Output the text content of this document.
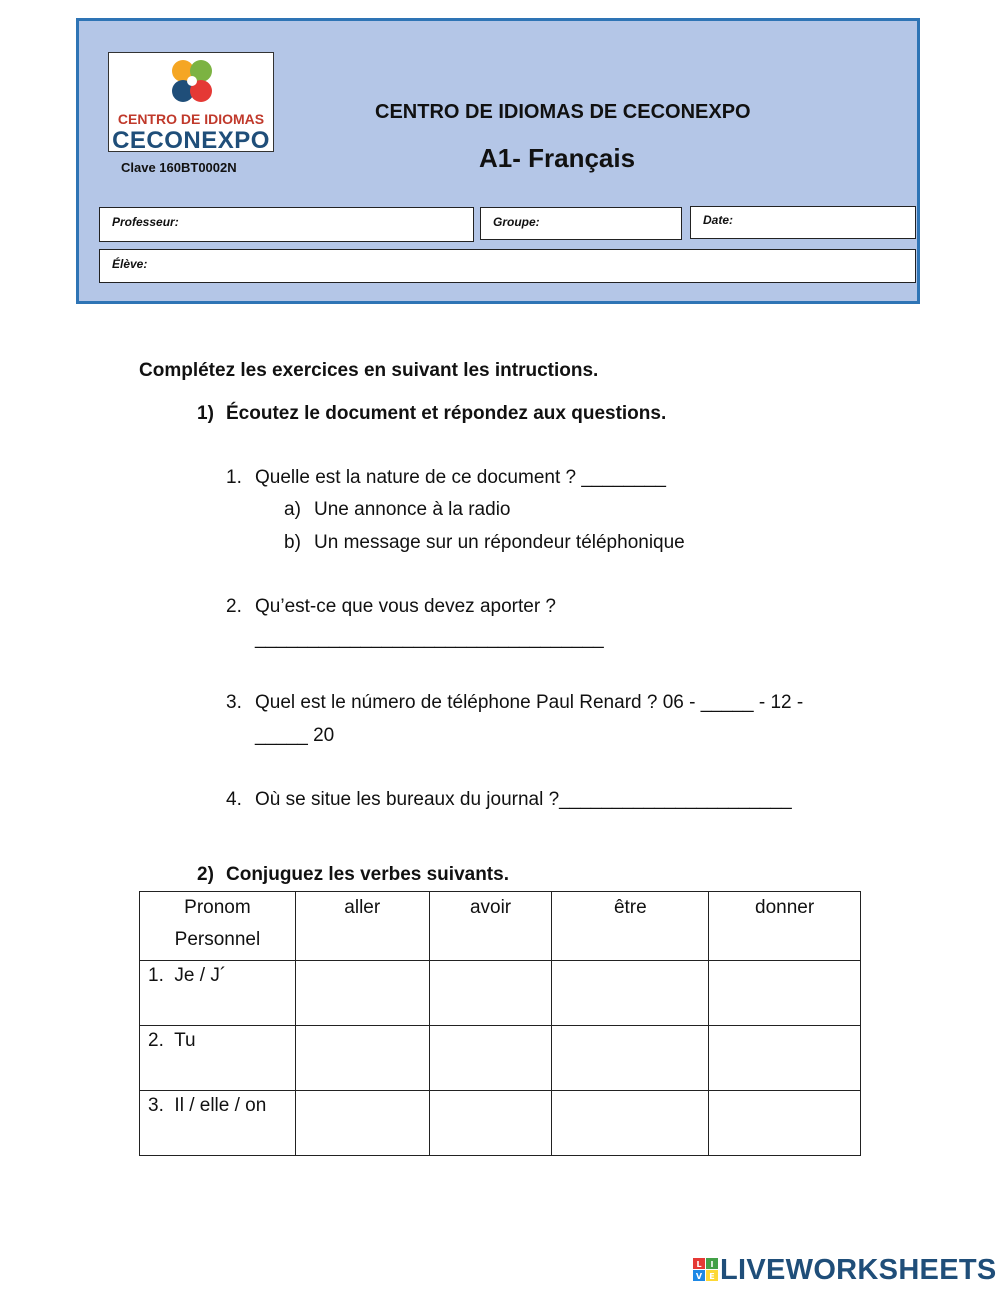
CENTRO DE IDIOMAS
CECONEXPO
Clave 160BT0002N
CENTRO DE IDIOMAS DE CECONEXPO
A1- Français
Professeur:	Groupe:	Date:
Élève:
Complétez les exercices en suivant les intructions.
1) Écoutez le document et répondez aux questions.
1. Quelle est la nature de ce document ? ________
a) Une annonce à la radio
b) Un message sur un répondeur téléphonique
2. Qu’est-ce que vous devez aporter ?
_________________________________
3. Quel est le número de téléphone Paul Renard ? 06 - _____ - 12 -
_____ 20
4. Où se situe les bureaux du journal ?______________________
2) Conjuguez les verbes suivants.
Pronom
Personnel	aller	avoir	être	donner
1. Je / J´				
2. Tu				
3. Il / elle / on				
L I
V E LIVEWORKSHEETS
